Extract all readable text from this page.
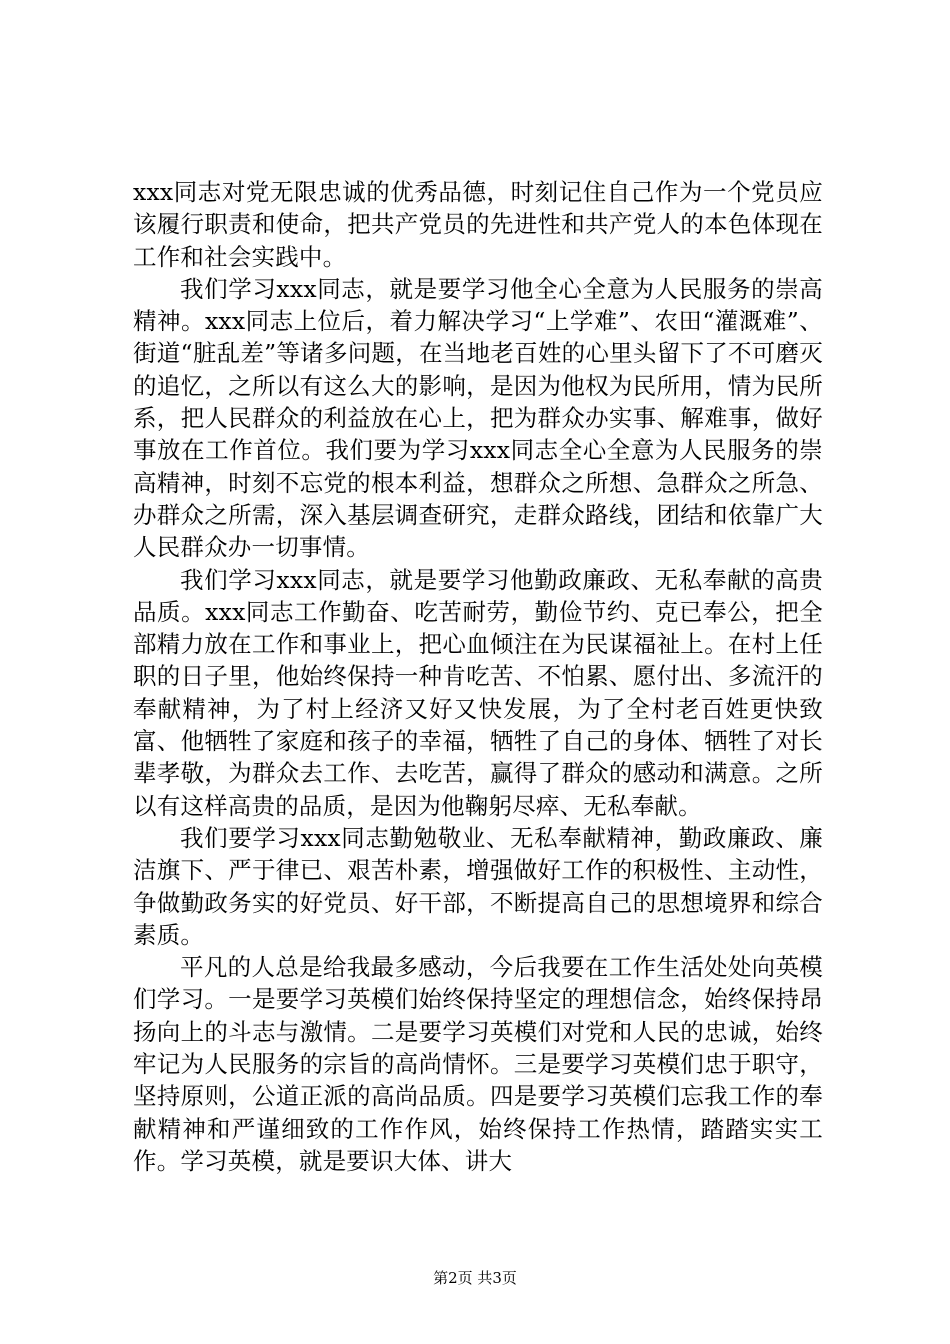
xxx同志对党无限忠诚的优秀品德，时刻记住自己作为一个党员应该履行职责和使命，把共产党员的先进性和共产党人的本色体现在工作和社会实践中。

我们学习xxx同志，就是要学习他全心全意为人民服务的崇高精神。xxx同志上位后，着力解决学习“上学难”、农田“灌溉难”、街道“脏乱差”等诸多问题，在当地老百姓的心里头留下了不可磨灭的追忆，之所以有这么大的影响，是因为他权为民所用，情为民所系，把人民群众的利益放在心上，把为群众办实事、解难事，做好事放在工作首位。我们要为学习xxx同志全心全意为人民服务的崇高精神，时刻不忘党的根本利益，想群众之所想、急群众之所急、办群众之所需，深入基层调查研究，走群众路线，团结和依靠广大人民群众办一切事情。

我们学习xxx同志，就是要学习他勤政廉政、无私奉献的高贵品质。xxx同志工作勤奋、吃苦耐劳，勤俭节约、克已奉公，把全部精力放在工作和事业上，把心血倾注在为民谋福祉上。在村上任职的日子里，他始终保持一种肯吃苦、不怕累、愿付出、多流汗的奉献精神，为了村上经济又好又快发展，为了全村老百姓更快致富、他牺牲了家庭和孩子的幸福，牺牲了自己的身体、牺牲了对长辈孝敬，为群众去工作、去吃苦，赢得了群众的感动和满意。之所以有这样高贵的品质，是因为他鞠躬尽瘁、无私奉献。

我们要学习xxx同志勤勉敬业、无私奉献精神，勤政廉政、廉洁旗下、严于律已、艰苦朴素，增强做好工作的积极性、主动性，争做勤政务实的好党员、好干部，不断提高自己的思想境界和综合素质。

平凡的人总是给我最多感动，今后我要在工作生活处处向英模们学习。一是要学习英模们始终保持坚定的理想信念，始终保持昂扬向上的斗志与激情。二是要学习英模们对党和人民的忠诚，始终牢记为人民服务的宗旨的高尚情怀。三是要学习英模们忠于职守，坚持原则，公道正派的高尚品质。四是要学习英模们忘我工作的奉献精神和严谨细致的工作作风，始终保持工作热情，踏踏实实工作。学习英模，就是要识大体、讲大

第2页 共3页
